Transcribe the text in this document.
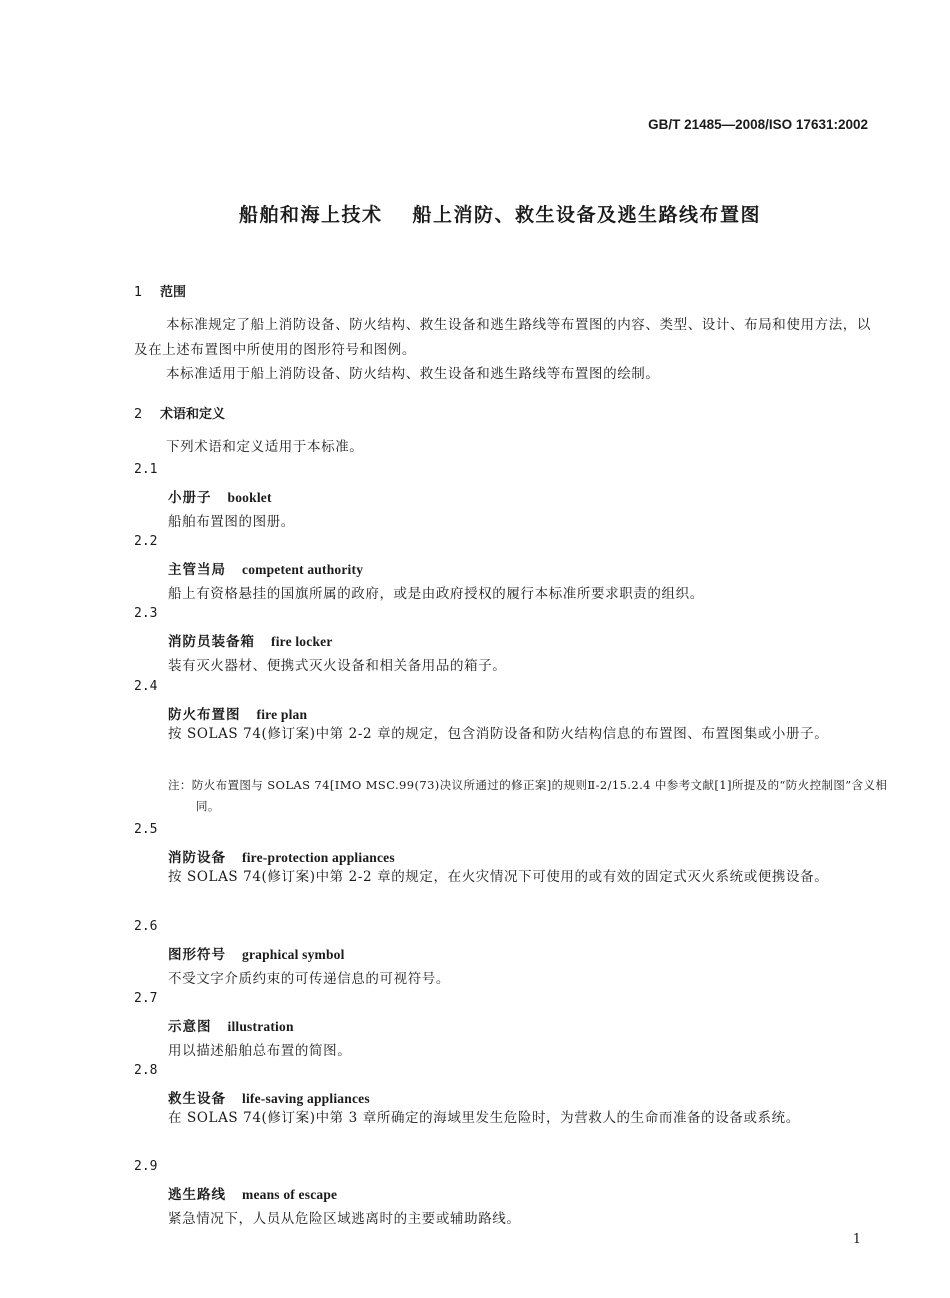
GB/T 21485—2008/ISO 17631:2002
船舶和海上技术 船上消防、救生设备及逃生路线布置图
1 范围
本标准规定了船上消防设备、防火结构、救生设备和逃生路线等布置图的内容、类型、设计、布局和使用方法，以及在上述布置图中所使用的图形符号和图例。
本标准适用于船上消防设备、防火结构、救生设备和逃生路线等布置图的绘制。
2 术语和定义
下列术语和定义适用于本标准。
2.1
小册子 booklet
船舶布置图的图册。
2.2
主管当局 competent authority
船上有资格悬挂的国旗所属的政府，或是由政府授权的履行本标准所要求职责的组织。
2.3
消防员装备箱 fire locker
装有灭火器材、便携式灭火设备和相关备用品的箱子。
2.4
防火布置图 fire plan
按 SOLAS 74(修订案)中第 2-2 章的规定，包含消防设备和防火结构信息的布置图、布置图集或小册子。
注：防火布置图与 SOLAS 74[IMO MSC.99(73)决议所通过的修正案]的规则Ⅱ-2/15.2.4 中参考文献[1]所提及的“防火控制图”含义相同。
2.5
消防设备 fire-protection appliances
按 SOLAS 74(修订案)中第 2-2 章的规定，在火灾情况下可使用的或有效的固定式灭火系统或便携设备。
2.6
图形符号 graphical symbol
不受文字介质约束的可传递信息的可视符号。
2.7
示意图 illustration
用以描述船舶总布置的简图。
2.8
救生设备 life-saving appliances
在 SOLAS 74(修订案)中第 3 章所确定的海域里发生危险时，为营救人的生命而准备的设备或系统。
2.9
逃生路线 means of escape
紧急情况下，人员从危险区域逃离时的主要或辅助路线。
1
